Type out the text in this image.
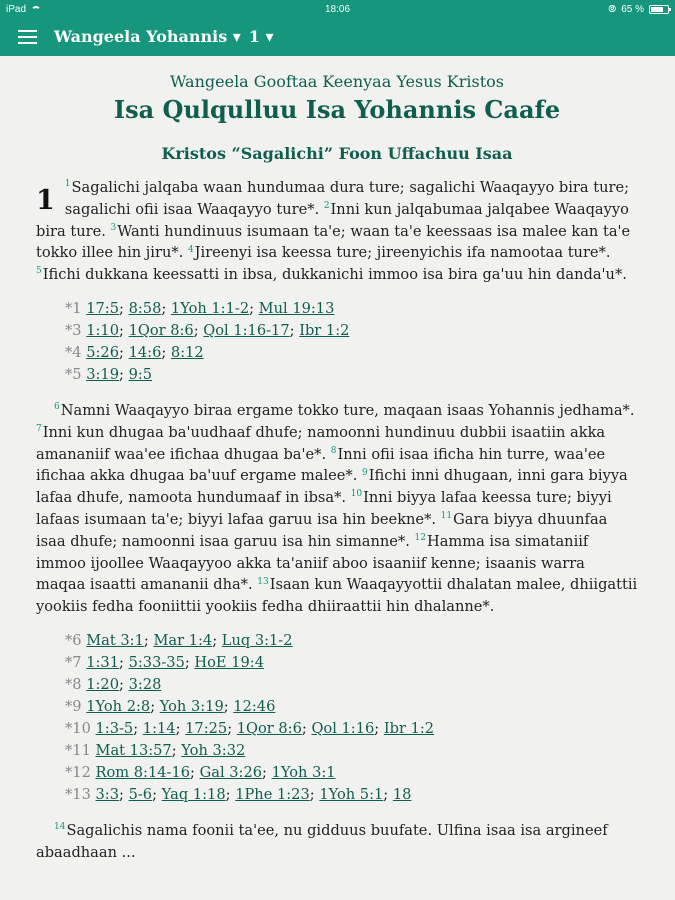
iPad	18:06	⦾ 65 %
Wangeela Yohannis ▾ 1 ▾
Wangeela Gooftaa Keenyaa Yesus Kristos
Isa Qulqulluu Isa Yohannis Caafe
Kristos “Sagalichi” Foon Uffachuu Isaa
1
$^1$Sagalichi jalqaba waan hundumaa dura ture; sagalichi Waaqayyo bira ture; sagalichi ofii isaa Waaqayyo ture*. $^2$Inni kun jalqabumaa jalqabee Waaqayyo bira ture. $^3$Wanti hundinuus isumaan ta'e; waan ta'e keessaas isa malee kan ta'e tokko illee hin jiru*. $^4$Jireenyi isa keessa ture; jireenyichis ifa namootaa ture*. $^5$Ifichi dukkana keessatti in ibsa, dukkanichi immoo isa bira ga'uu hin danda'u*.
*1 17:5; 8:58; 1Yoh 1:1-2; Mul 19:13
*3 1:10; 1Qor 8:6; Qol 1:16-17; Ibr 1:2
*4 5:26; 14:6; 8:12
*5 3:19; 9:5
$^6$Namni Waaqayyo biraa ergame tokko ture, maqaan isaas Yohannis jedhama*. $^7$Inni kun dhugaa ba'uudhaaf dhufe; namoonni hundinuu dubbii isaatiin akka amananiif waa'ee ifichaa dhugaa ba'e*. $^8$Inni ofii isaa ificha hin turre, waa'ee ifichaa akka dhugaa ba'uuf ergame malee*. $^9$Ifichi inni dhugaan, inni gara biyya lafaa dhufe, namoota hundumaaf in ibsa*. $^{10}$Inni biyya lafaa keessa ture; biyyi lafaas isumaan ta'e; biyyi lafaa garuu isa hin beekne*. $^{11}$Gara biyya dhuunfaa isaa dhufe; namoonni isaa garuu isa hin simanne*. $^{12}$Hamma isa simataniif immoo ijoollee Waaqayyoo akka ta'aniif aboo isaaniif kenne; isaanis warra maqaa isaatti amananii dha*. $^{13}$Isaan kun Waaqayyottii dhalatan malee, dhiigattii yookiis fedha fooniittii yookiis fedha dhiiraattii hin dhalanne*.
*6 Mat 3:1; Mar 1:4; Luq 3:1-2
*7 1:31; 5:33-35; HoE 19:4
*8 1:20; 3:28
*9 1Yoh 2:8; Yoh 3:19; 12:46
*10 1:3-5; 1:14; 17:25; 1Qor 8:6; Qol 1:16; Ibr 1:2
*11 Mat 13:57; Yoh 3:32
*12 Rom 8:14-16; Gal 3:26; 1Yoh 3:1
*13 3:3; 5-6; Yaq 1:18; 1Phe 1:23; 1Yoh 5:1; 18
$^{14}$Sagalichis nama foonii ta'ee, nu gidduus buufate. Ulfina isaa isa argineef abaadhaan ...
